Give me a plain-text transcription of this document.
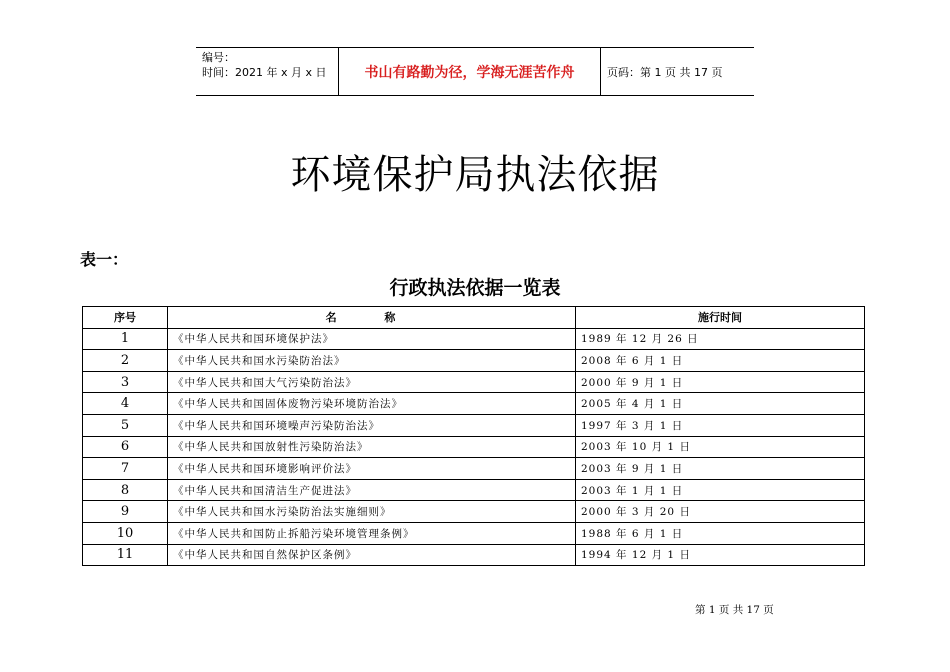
编号：
时间：2021 年 x 月 x 日	书山有路勤为径，学海无涯苦作舟	页码：第 1 页 共 17 页
环境保护局执法依据
表一：
行政执法依据一览表
序号	名 称	施行时间
1	《中华人民共和国环境保护法》	1989 年 12 月 26 日
2	《中华人民共和国水污染防治法》	2008 年 6 月 1 日
3	《中华人民共和国大气污染防治法》	2000 年 9 月 1 日
4	《中华人民共和国固体废物污染环境防治法》	2005 年 4 月 1 日
5	《中华人民共和国环境噪声污染防治法》	1997 年 3 月 1 日
6	《中华人民共和国放射性污染防治法》	2003 年 10 月 1 日
7	《中华人民共和国环境影响评价法》	2003 年 9 月 1 日
8	《中华人民共和国清洁生产促进法》	2003 年 1 月 1 日
9	《中华人民共和国水污染防治法实施细则》	2000 年 3 月 20 日
10	《中华人民共和国防止拆船污染环境管理条例》	1988 年 6 月 1 日
11	《中华人民共和国自然保护区条例》	1994 年 12 月 1 日
第 1 页 共 17 页
